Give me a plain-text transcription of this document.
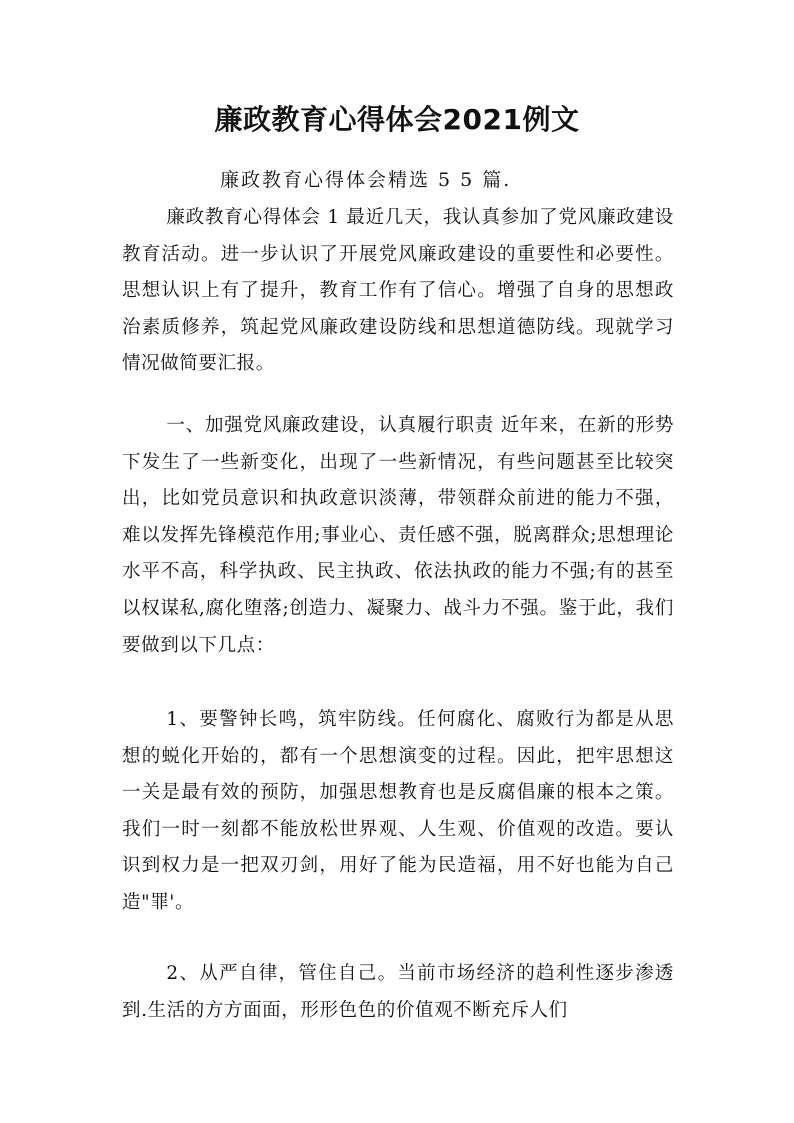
廉政教育心得体会2021例文
廉政教育心得体会精选 5 5 篇.

廉政教育心得体会 1 最近几天，我认真参加了党风廉政建设教育活动。进一步认识了开展党风廉政建设的重要性和必要性。思想认识上有了提升，教育工作有了信心。增强了自身的思想政治素质修养，筑起党风廉政建设防线和思想道德防线。现就学习情况做简要汇报。

一、加强党风廉政建设，认真履行职责 近年来，在新的形势下发生了一些新变化，出现了一些新情况，有些问题甚至比较突出，比如党员意识和执政意识淡薄，带领群众前进的能力不强，难以发挥先锋模范作用;事业心、责任感不强，脱离群众;思想理论水平不高，科学执政、民主执政、依法执政的能力不强;有的甚至以权谋私,腐化堕落;创造力、凝聚力、战斗力不强。鉴于此，我们要做到以下几点：

1、要警钟长鸣，筑牢防线。任何腐化、腐败行为都是从思想的蜕化开始的，都有一个思想演变的过程。因此，把牢思想这一关是最有效的预防，加强思想教育也是反腐倡廉的根本之策。我们一时一刻都不能放松世界观、人生观、价值观的改造。要认识到权力是一把双刃剑，用好了能为民造福，用不好也能为自己造"罪'。

2、从严自律，管住自己。当前市场经济的趋利性逐步渗透到.生活的方方面面，形形色色的价值观不断充斥人们
